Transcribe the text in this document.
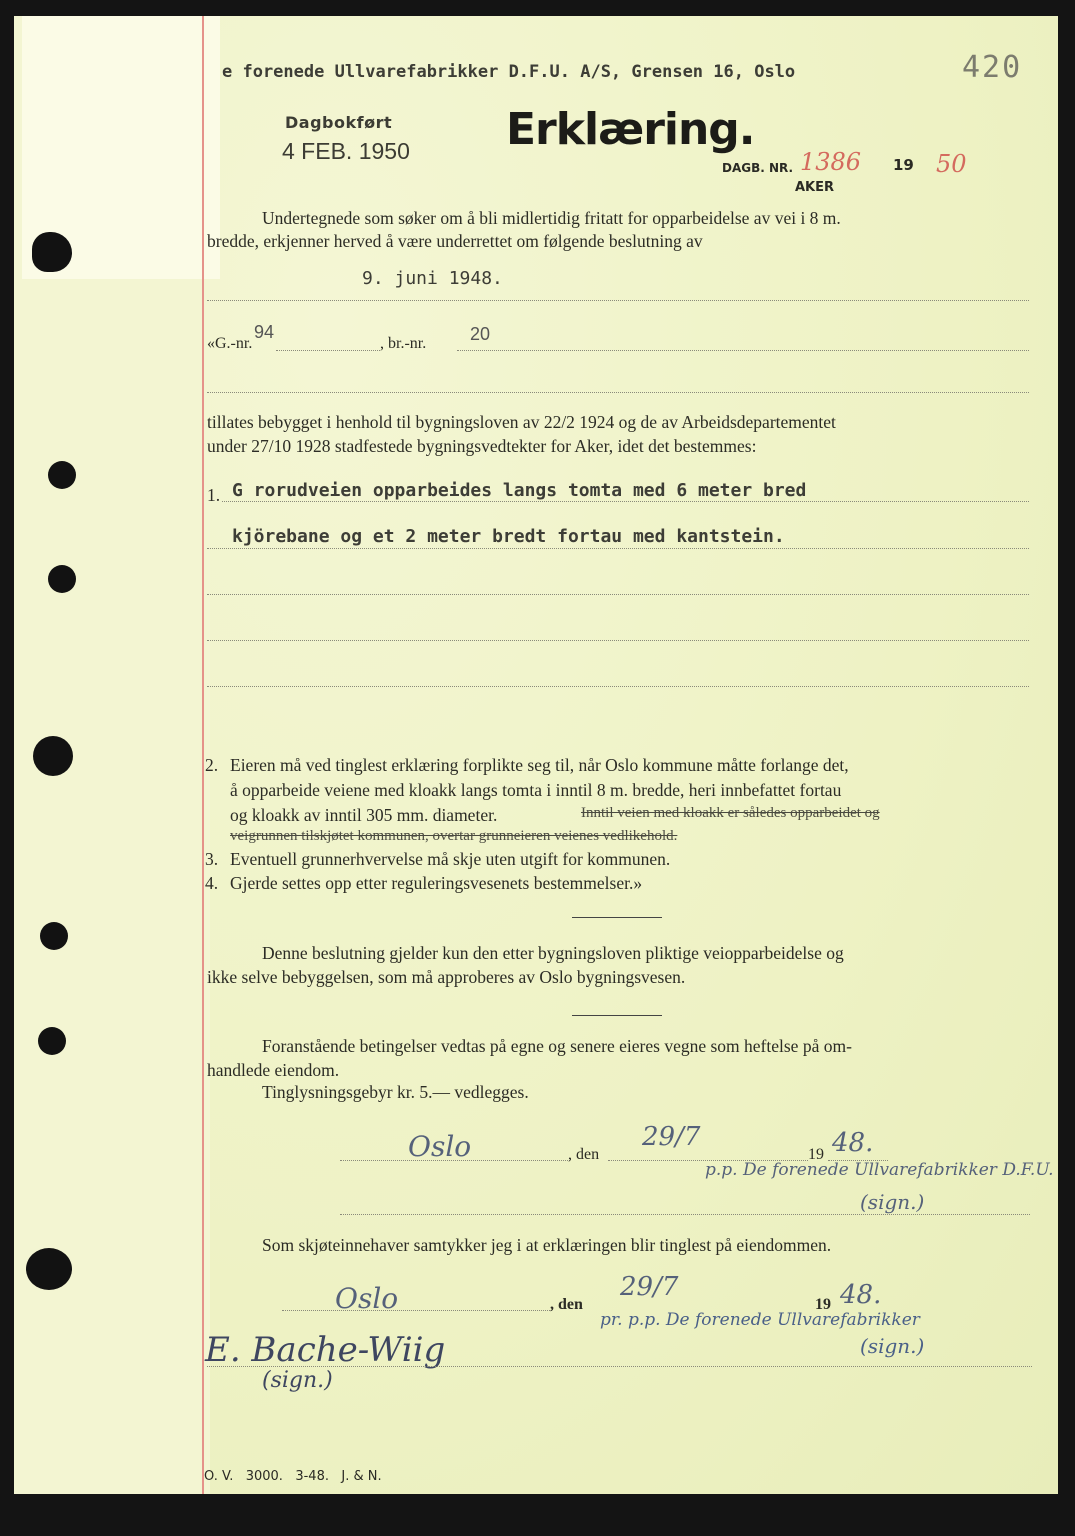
e forenede Ullvarefabrikker D.F.U. A/S, Grensen 16, Oslo	420
Dagbokført
4 FEB. 1950 Erklæring.
DAGB. NR. 1386 19 50
AKER
Undertegnede som søker om å bli midlertidig fritatt for opparbeidelse av vei i 8 m.
bredde, erkjenner herved å være underrettet om følgende beslutning av
9. juni 1948.
«G.-nr.
94
, br.-nr. 20
tillates bebygget i henhold til bygningsloven av 22/2 1924 og de av Arbeidsdepartementet
under 27/10 1928 stadfestede bygningsvedtekter for Aker, idet det bestemmes:
1. G rorudveien opparbeides langs tomta med 6 meter bred
kjörebane og et 2 meter bredt fortau med kantstein.
2. Eieren må ved tinglest erklæring forplikte seg til, når Oslo kommune måtte forlange det,
å opparbeide veiene med kloakk langs tomta i inntil 8 m. bredde, heri innbefattet fortau
og kloakk av inntil 305 mm. diameter.	Inntil veien med kloakk er således opparbeidet og
veigrunnen tilskjøtet kommunen, overtar grunneieren veienes vedlikehold.
3. Eventuell grunnerhvervelse må skje uten utgift for kommunen.
4. Gjerde settes opp etter reguleringsvesenets bestemmelser.»
Denne beslutning gjelder kun den etter bygningsloven pliktige veiopparbeidelse og
ikke selve bebyggelsen, som må approberes av Oslo bygningsvesen.
Foranstående betingelser vedtas på egne og senere eieres vegne som heftelse på om-
handlede eiendom.
Tinglysningsgebyr kr. 5.— vedlegges.
Oslo	, den
29/7
19 48.
p.p. De forenede Ullvarefabrikker D.F.U.
(sign.)
Som skjøteinnehaver samtykker jeg i at erklæringen blir tinglest på eiendommen.
Oslo	, den
29/7
19 48.
pr. p.p. De forenede Ullvarefabrikker
(sign.)
E. Bache-Wiig
(sign.)
O. V.   3000.   3-48.   J. & N.
